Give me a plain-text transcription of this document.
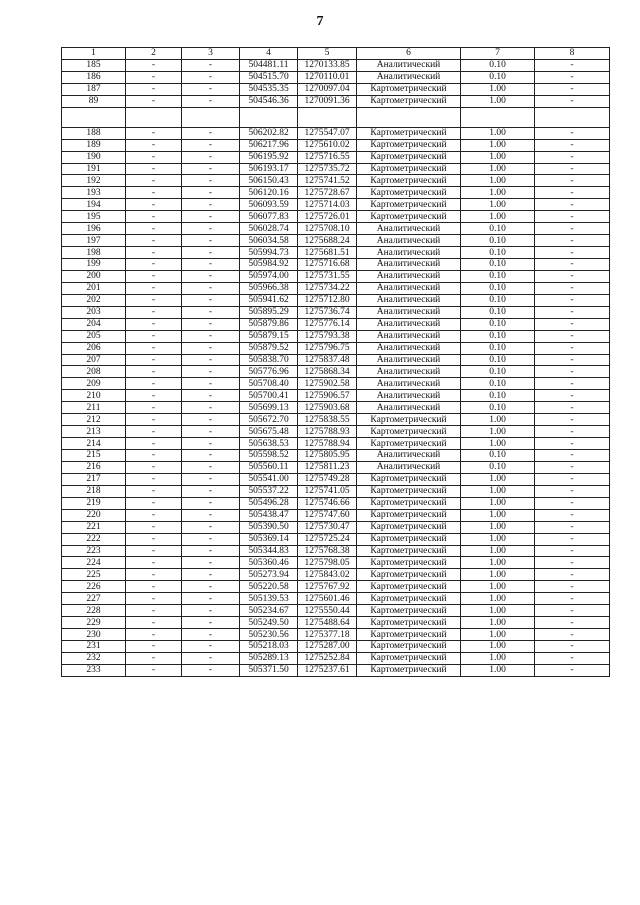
7
1	2	3	4	5	6	7	8
185	-	-	504481.11	1270133.85	Аналитический	0.10	-
186	-	-	504515.70	1270110.01	Аналитический	0.10	-
187	-	-	504535.35	1270097.04	Картометрический	1.00	-
89	-	-	504546.36	1270091.36	Картометрический	1.00	-

188	-	-	506202.82	1275547.07	Картометрический	1.00	-
189	-	-	506217.96	1275610.02	Картометрический	1.00	-
190	-	-	506195.92	1275716.55	Картометрический	1.00	-
191	-	-	506193.17	1275735.72	Картометрический	1.00	-
192	-	-	506150.43	1275741.52	Картометрический	1.00	-
193	-	-	506120.16	1275728.67	Картометрический	1.00	-
194	-	-	506093.59	1275714.03	Картометрический	1.00	-
195	-	-	506077.83	1275726.01	Картометрический	1.00	-
196	-	-	506028.74	1275708.10	Аналитический	0.10	-
197	-	-	506034.58	1275688.24	Аналитический	0.10	-
198	-	-	505994.73	1275681.51	Аналитический	0.10	-
199	-	-	505984.92	1275716.68	Аналитический	0.10	-
200	-	-	505974.00	1275731.55	Аналитический	0.10	-
201	-	-	505966.38	1275734.22	Аналитический	0.10	-
202	-	-	505941.62	1275712.80	Аналитический	0.10	-
203	-	-	505895.29	1275736.74	Аналитический	0.10	-
204	-	-	505879.86	1275776.14	Аналитический	0.10	-
205	-	-	505879.15	1275793.38	Аналитический	0.10	-
206	-	-	505879.52	1275796.75	Аналитический	0.10	-
207	-	-	505838.70	1275837.48	Аналитический	0.10	-
208	-	-	505776.96	1275868.34	Аналитический	0.10	-
209	-	-	505708.40	1275902.58	Аналитический	0.10	-
210	-	-	505700.41	1275906.57	Аналитический	0.10	-
211	-	-	505699.13	1275903.68	Аналитический	0.10	-
212	-	-	505672.70	1275838.55	Картометрический	1.00	-
213	-	-	505675.48	1275788.93	Картометрический	1.00	-
214	-	-	505638.53	1275788.94	Картометрический	1.00	-
215	-	-	505598.52	1275805.95	Аналитический	0.10	-
216	-	-	505560.11	1275811.23	Аналитический	0.10	-
217	-	-	505541.00	1275749.28	Картометрический	1.00	-
218	-	-	505537.22	1275741.05	Картометрический	1.00	-
219	-	-	505496.28	1275746.66	Картометрический	1.00	-
220	-	-	505438.47	1275747.60	Картометрический	1.00	-
221	-	-	505390.50	1275730.47	Картометрический	1.00	-
222	-	-	505369.14	1275725.24	Картометрический	1.00	-
223	-	-	505344.83	1275768.38	Картометрический	1.00	-
224	-	-	505360.46	1275798.05	Картометрический	1.00	-
225	-	-	505273.94	1275843.02	Картометрический	1.00	-
226	-	-	505220.58	1275767.92	Картометрический	1.00	-
227	-	-	505139.53	1275601.46	Картометрический	1.00	-
228	-	-	505234.67	1275550.44	Картометрический	1.00	-
229	-	-	505249.50	1275488.64	Картометрический	1.00	-
230	-	-	505230.56	1275377.18	Картометрический	1.00	-
231	-	-	505218.03	1275287.00	Картометрический	1.00	-
232	-	-	505289.13	1275252.84	Картометрический	1.00	-
233	-	-	505371.50	1275237.61	Картометрический	1.00	-
